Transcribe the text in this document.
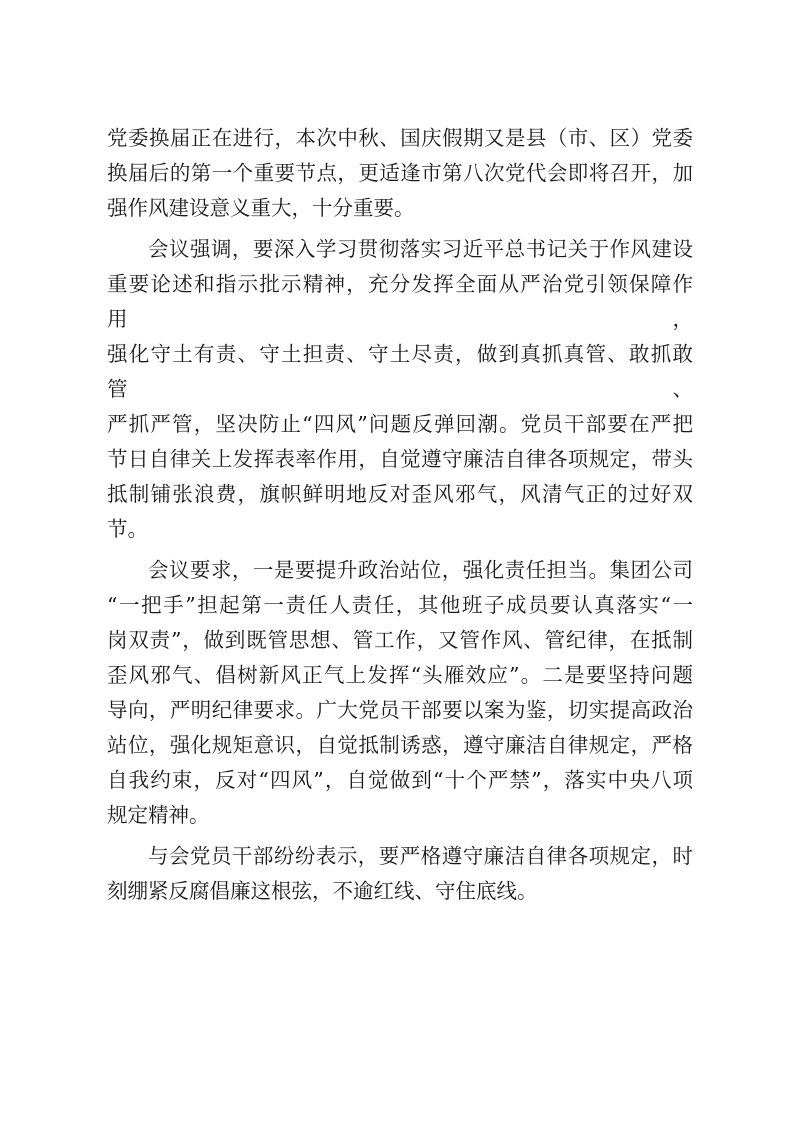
党委换届正在进行，本次中秋、国庆假期又是县（市、区）党委
换届后的第一个重要节点，更适逢市第八次党代会即将召开，加
强作风建设意义重大，十分重要。

会议强调，要深入学习贯彻落实习近平总书记关于作风建设
重要论述和指示批示精神，充分发挥全面从严治党引领保障作用，
强化守土有责、守土担责、守土尽责，做到真抓真管、敢抓敢管、
严抓严管，坚决防止“四风”问题反弹回潮。党员干部要在严把
节日自律关上发挥表率作用，自觉遵守廉洁自律各项规定，带头
抵制铺张浪费，旗帜鲜明地反对歪风邪气，风清气正的过好双节。

会议要求，一是要提升政治站位，强化责任担当。集团公司
“一把手”担起第一责任人责任，其他班子成员要认真落实“一
岗双责”，做到既管思想、管工作，又管作风、管纪律，在抵制
歪风邪气、倡树新风正气上发挥“头雁效应”。二是要坚持问题
导向，严明纪律要求。广大党员干部要以案为鉴，切实提高政治
站位，强化规矩意识，自觉抵制诱惑，遵守廉洁自律规定，严格
自我约束，反对“四风”，自觉做到“十个严禁”，落实中央八项
规定精神。

与会党员干部纷纷表示，要严格遵守廉洁自律各项规定，时
刻绷紧反腐倡廉这根弦，不逾红线、守住底线。
